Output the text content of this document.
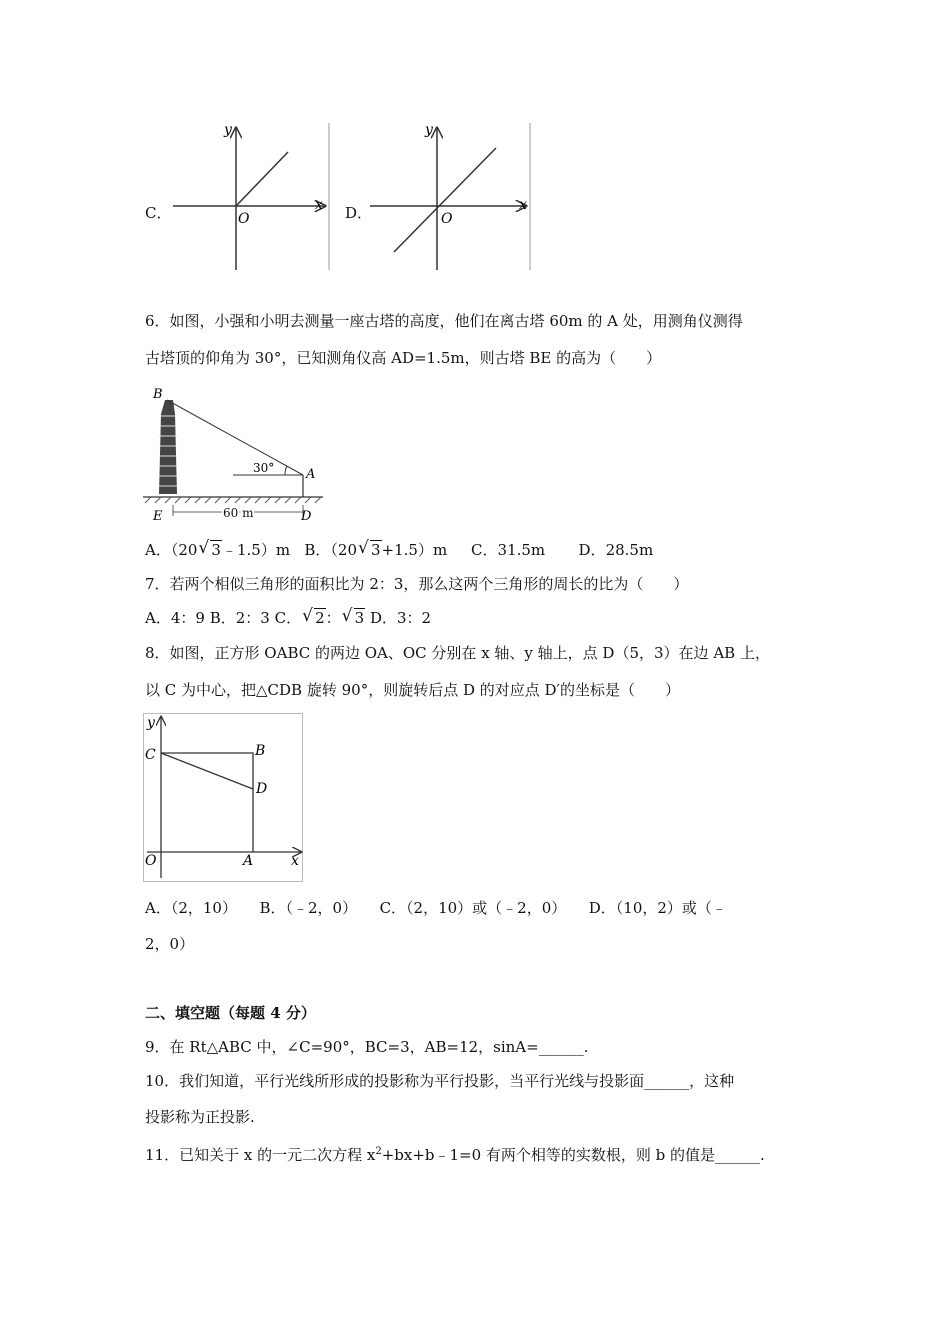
C．	x
y
O	D．	x
y
O
6．如图，小强和小明去测量一座古塔的高度，他们在离古塔 60m 的 A 处，用测角仪测得
古塔顶的仰角为 30°，已知测角仪高 AD=1.5m，则古塔 BE 的高为（　　）
B
A
30°
E	D
60 m
A．（20 √ 3﹣1.5）m B．（20 √ 3+1.5）m C．31.5m D．28.5m
7．若两个相似三角形的面积比为 2：3，那么这两个三角形的周长的比为（　　）
A．4：9 B．2：3 C． √ 2： √ 3 D．3：2
8．如图，正方形 OABC 的两边 OA、OC 分别在 x 轴、y 轴上，点 D（5，3）在边 AB 上，
以 C 为中心，把△CDB 旋转 90°，则旋转后点 D 的对应点 D′的坐标是（　　）
y
x
C	B
D
O	A
A．（2，10）　　B．（﹣2，0）　　C．（2，10）或（﹣2，0）　　D．（10，2）或（﹣
2，0）
二、填空题（每题 4 分）
9．在 Rt△ABC 中，∠C=90°，BC=3，AB=12，sinA=______.
10．我们知道，平行光线所形成的投影称为平行投影，当平行光线与投影面______，这种
投影称为正投影.
11．已知关于 x 的一元二次方程 $x^2+bx+b﹣1=0$ 有两个相等的实数根，则 b 的值是______.
